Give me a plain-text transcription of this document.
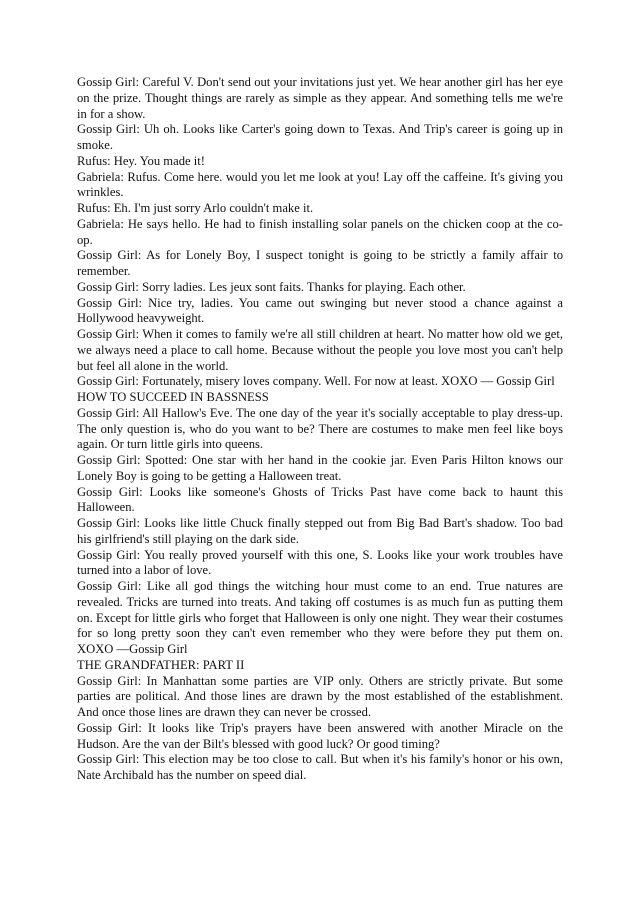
Gossip Girl: Careful V. Don't send out your invitations just yet. We hear another girl has her eye on the prize. Thought things are rarely as simple as they appear. And something tells me we're in for a show.

Gossip Girl: Uh oh. Looks like Carter's going down to Texas. And Trip's career is going up in smoke.

Rufus: Hey. You made it!

Gabriela: Rufus. Come here. would you let me look at you! Lay off the caffeine. It's giving you wrinkles.

Rufus: Eh. I'm just sorry Arlo couldn't make it.

Gabriela: He says hello. He had to finish installing solar panels on the chicken coop at the co-op.

Gossip Girl: As for Lonely Boy, I suspect tonight is going to be strictly a family affair to remember.

Gossip Girl: Sorry ladies. Les jeux sont faits. Thanks for playing. Each other.

Gossip Girl: Nice try, ladies. You came out swinging but never stood a chance against a Hollywood heavyweight.

Gossip Girl: When it comes to family we're all still children at heart. No matter how old we get, we always need a place to call home. Because without the people you love most you can't help but feel all alone in the world.

Gossip Girl: Fortunately, misery loves company. Well. For now at least. XOXO — Gossip Girl

HOW TO SUCCEED IN BASSNESS

Gossip Girl: All Hallow's Eve. The one day of the year it's socially acceptable to play dress-up. The only question is, who do you want to be? There are costumes to make men feel like boys again. Or turn little girls into queens.

Gossip Girl: Spotted: One star with her hand in the cookie jar. Even Paris Hilton knows our Lonely Boy is going to be getting a Halloween treat.

Gossip Girl: Looks like someone's Ghosts of Tricks Past have come back to haunt this Halloween.

Gossip Girl: Looks like little Chuck finally stepped out from Big Bad Bart's shadow. Too bad his girlfriend's still playing on the dark side.

Gossip Girl: You really proved yourself with this one, S. Looks like your work troubles have turned into a labor of love.

Gossip Girl: Like all god things the witching hour must come to an end. True natures are revealed. Tricks are turned into treats. And taking off costumes is as much fun as putting them on. Except for little girls who forget that Halloween is only one night. They wear their costumes for so long pretty soon they can't even remember who they were before they put them on. XOXO —Gossip Girl

THE GRANDFATHER: PART II

Gossip Girl: In Manhattan some parties are VIP only. Others are strictly private. But some parties are political. And those lines are drawn by the most established of the establishment. And once those lines are drawn they can never be crossed.

Gossip Girl: It looks like Trip's prayers have been answered with another Miracle on the Hudson. Are the van der Bilt's blessed with good luck? Or good timing?

Gossip Girl: This election may be too close to call. But when it's his family's honor or his own, Nate Archibald has the number on speed dial.
